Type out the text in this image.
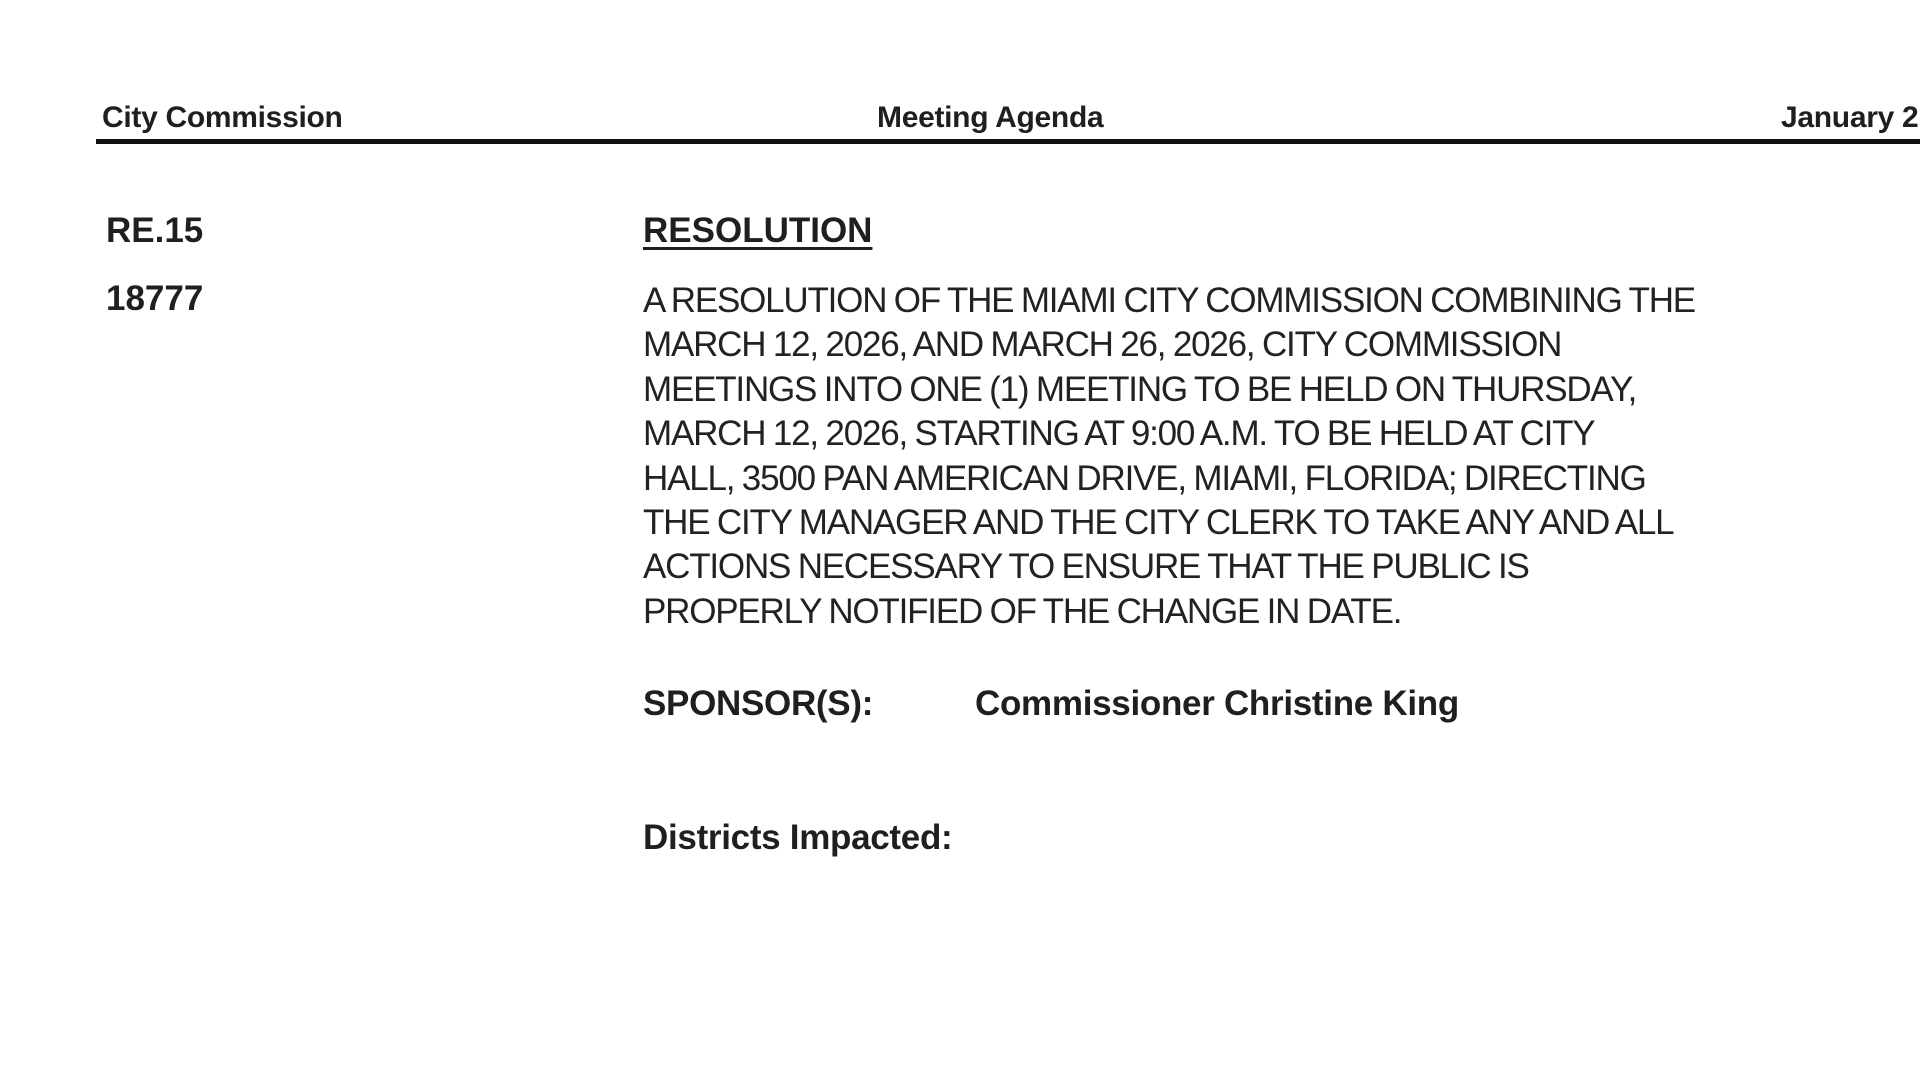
City Commission	Meeting Agenda	January 2
RE.15
18777
RESOLUTION
A RESOLUTION OF THE MIAMI CITY COMMISSION COMBINING THE
MARCH 12, 2026, AND MARCH 26, 2026, CITY COMMISSION
MEETINGS INTO ONE (1) MEETING TO BE HELD ON THURSDAY,
MARCH 12, 2026, STARTING AT 9:00 A.M. TO BE HELD AT CITY
HALL, 3500 PAN AMERICAN DRIVE, MIAMI, FLORIDA; DIRECTING
THE CITY MANAGER AND THE CITY CLERK TO TAKE ANY AND ALL
ACTIONS NECESSARY TO ENSURE THAT THE PUBLIC IS
PROPERLY NOTIFIED OF THE CHANGE IN DATE.
SPONSOR(S):	Commissioner Christine King
Districts Impacted:
